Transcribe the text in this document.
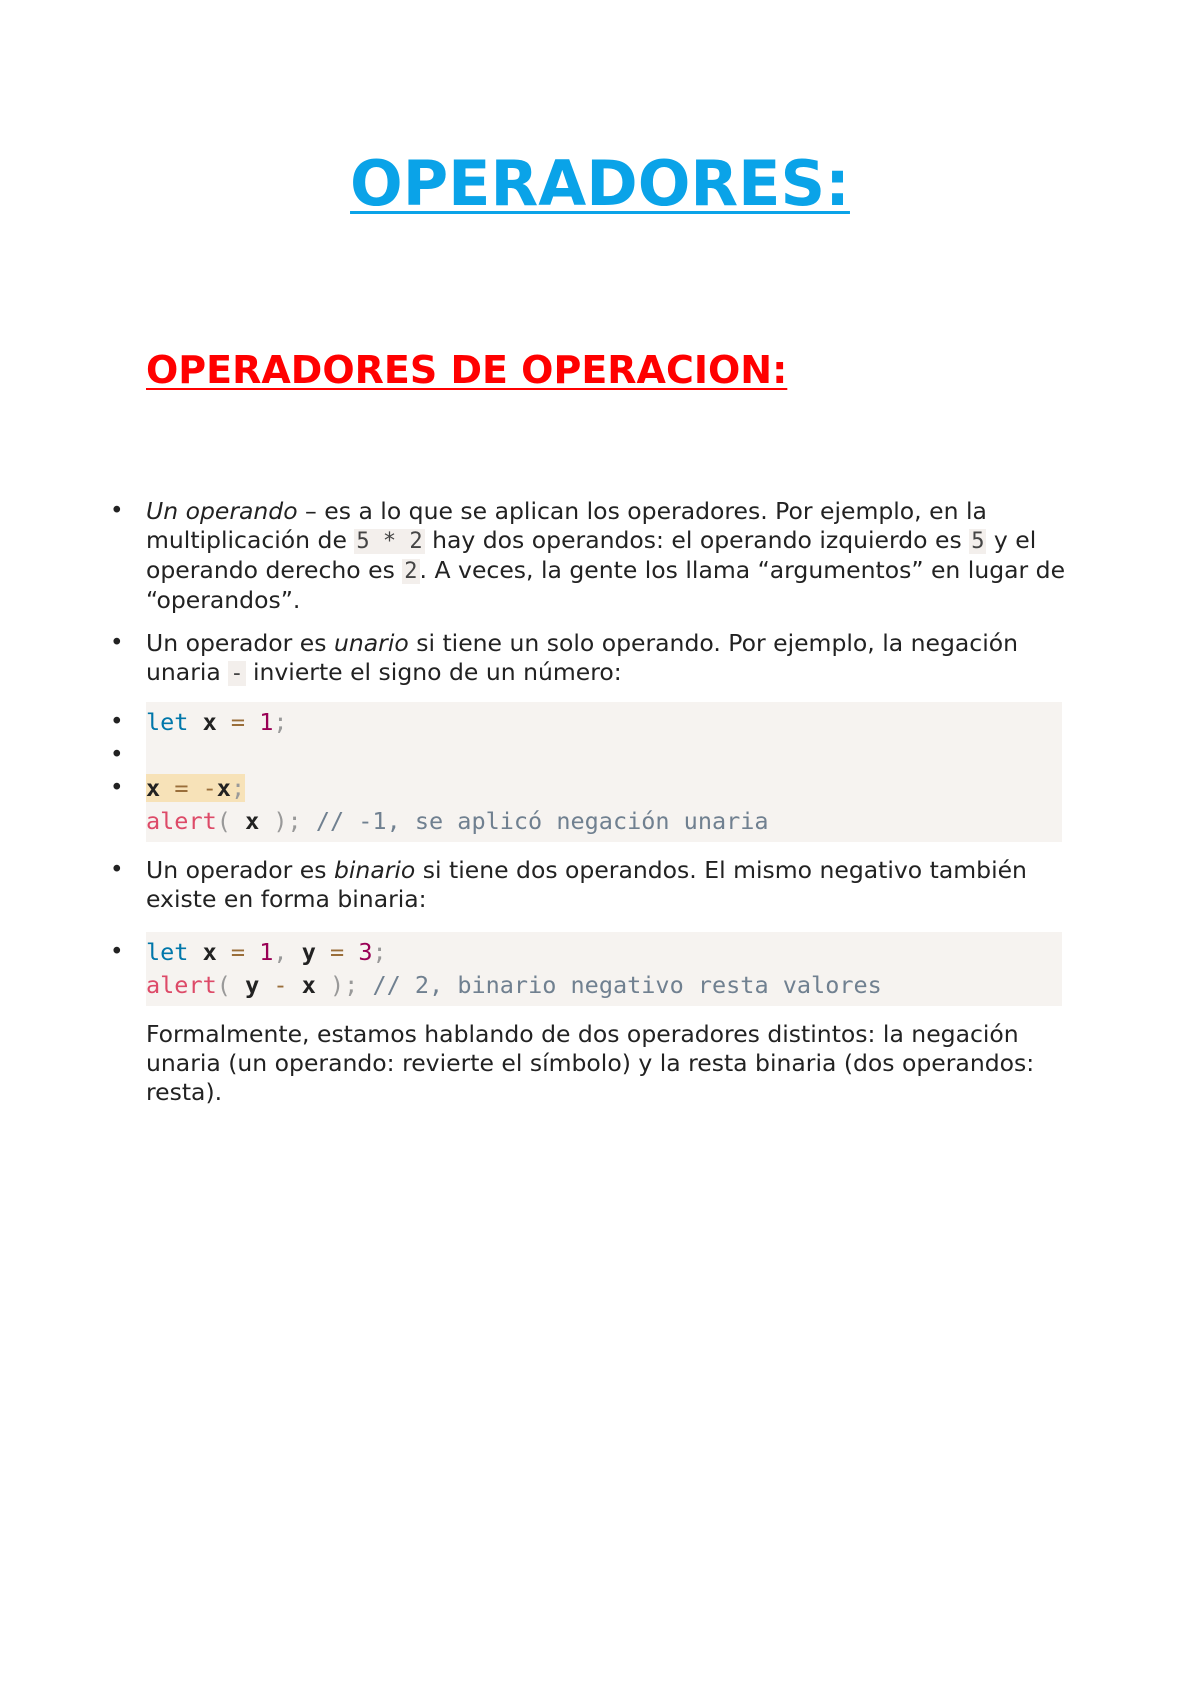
OPERADORES:
OPERADORES DE OPERACION:
• Un operando – es a lo que se aplican los operadores. Por ejemplo, en la multiplicación de 5 * 2 hay dos operandos: el operando izquierdo es 5 y el operando derecho es 2. A veces, la gente los llama “argumentos” en lugar de “operandos”.
• Un operador es unario si tiene un solo operando. Por ejemplo, la negación unaria - invierte el signo de un número:
• let x = 1;
•
• x = -x;
alert( x ); // -1, se aplicó negación unaria
• Un operador es binario si tiene dos operandos. El mismo negativo también existe en forma binaria:
• let x = 1, y = 3;
alert( y - x ); // 2, binario negativo resta valores
Formalmente, estamos hablando de dos operadores distintos: la negación unaria (un operando: revierte el símbolo) y la resta binaria (dos operandos: resta).
